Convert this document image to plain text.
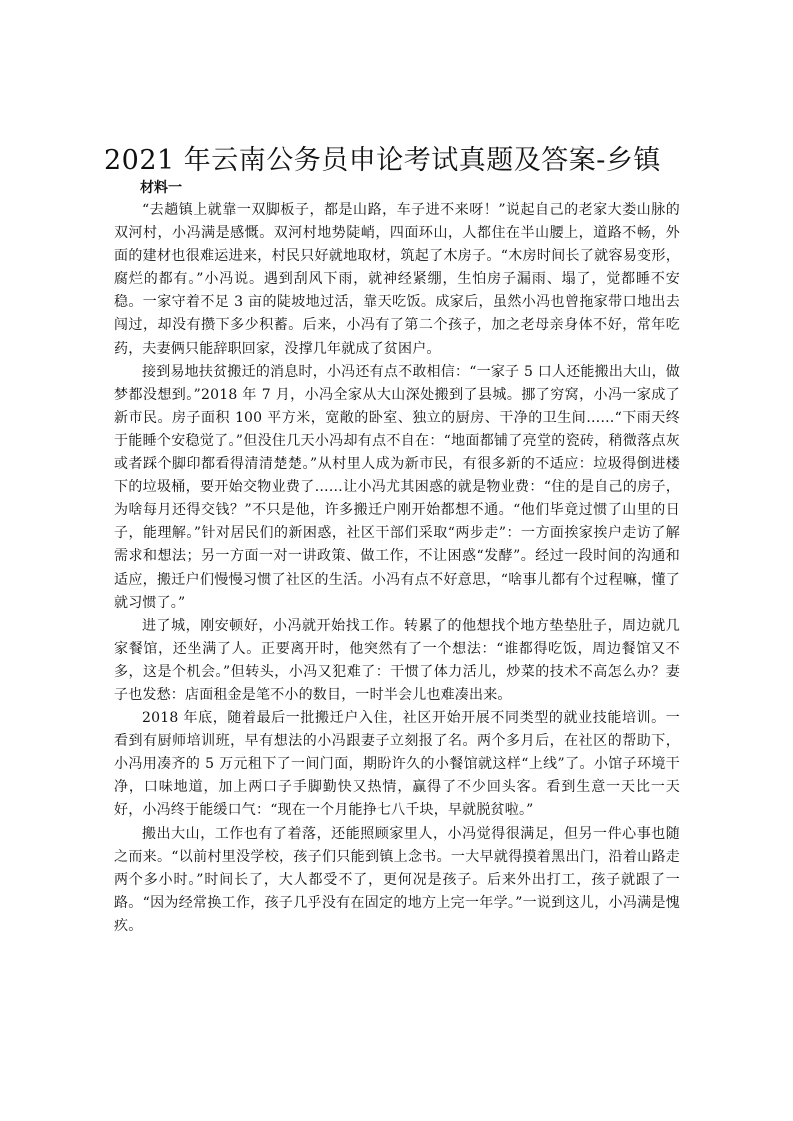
2021 年云南公务员申论考试真题及答案-乡镇
材料一

“去趟镇上就靠一双脚板子，都是山路，车子进不来呀！”说起自己的老家大娄山脉的双河村，小冯满是感慨。双河村地势陡峭，四面环山，人都住在半山腰上，道路不畅，外面的建材也很难运进来，村民只好就地取材，筑起了木房子。“木房时间长了就容易变形，腐烂的都有。”小冯说。遇到刮风下雨，就神经紧绷，生怕房子漏雨、塌了，觉都睡不安稳。一家守着不足 3 亩的陡坡地过活，靠天吃饭。成家后，虽然小冯也曾拖家带口地出去闯过，却没有攒下多少积蓄。后来，小冯有了第二个孩子，加之老母亲身体不好，常年吃药，夫妻俩只能辞职回家，没撑几年就成了贫困户。

接到易地扶贫搬迁的消息时，小冯还有点不敢相信：“一家子 5 口人还能搬出大山，做梦都没想到。”2018 年 7 月，小冯全家从大山深处搬到了县城。挪了穷窝，小冯一家成了新市民。房子面积 100 平方米，宽敞的卧室、独立的厨房、干净的卫生间……“下雨天终于能睡个安稳觉了。”但没住几天小冯却有点不自在：“地面都铺了亮堂的瓷砖，稍微落点灰或者踩个脚印都看得清清楚楚。”从村里人成为新市民，有很多新的不适应：垃圾得倒进楼下的垃圾桶，要开始交物业费了……让小冯尤其困惑的就是物业费：“住的是自己的房子，为啥每月还得交钱？”不只是他，许多搬迁户刚开始都想不通。“他们毕竟过惯了山里的日子，能理解。”针对居民们的新困惑，社区干部们采取“两步走”：一方面挨家挨户走访了解需求和想法；另一方面一对一讲政策、做工作，不让困惑“发酵”。经过一段时间的沟通和适应，搬迁户们慢慢习惯了社区的生活。小冯有点不好意思，“啥事儿都有个过程嘛，懂了就习惯了。”

进了城，刚安顿好，小冯就开始找工作。转累了的他想找个地方垫垫肚子，周边就几家餐馆，还坐满了人。正要离开时，他突然有了一个想法：“谁都得吃饭，周边餐馆又不多，这是个机会。”但转头，小冯又犯难了：干惯了体力活儿，炒菜的技术不高怎么办？妻子也发愁：店面租金是笔不小的数目，一时半会儿也难凑出来。

2018 年底，随着最后一批搬迁户入住，社区开始开展不同类型的就业技能培训。一看到有厨师培训班，早有想法的小冯跟妻子立刻报了名。两个多月后，在社区的帮助下，小冯用凑齐的 5 万元租下了一间门面，期盼许久的小餐馆就这样“上线”了。小馆子环境干净，口味地道，加上两口子手脚勤快又热情，赢得了不少回头客。看到生意一天比一天好，小冯终于能缓口气：“现在一个月能挣七八千块，早就脱贫啦。”

搬出大山，工作也有了着落，还能照顾家里人，小冯觉得很满足，但另一件心事也随之而来。“以前村里没学校，孩子们只能到镇上念书。一大早就得摸着黑出门，沿着山路走两个多小时。”时间长了，大人都受不了，更何况是孩子。后来外出打工，孩子就跟了一路。“因为经常换工作，孩子几乎没有在固定的地方上完一年学。”一说到这儿，小冯满是愧疚。
